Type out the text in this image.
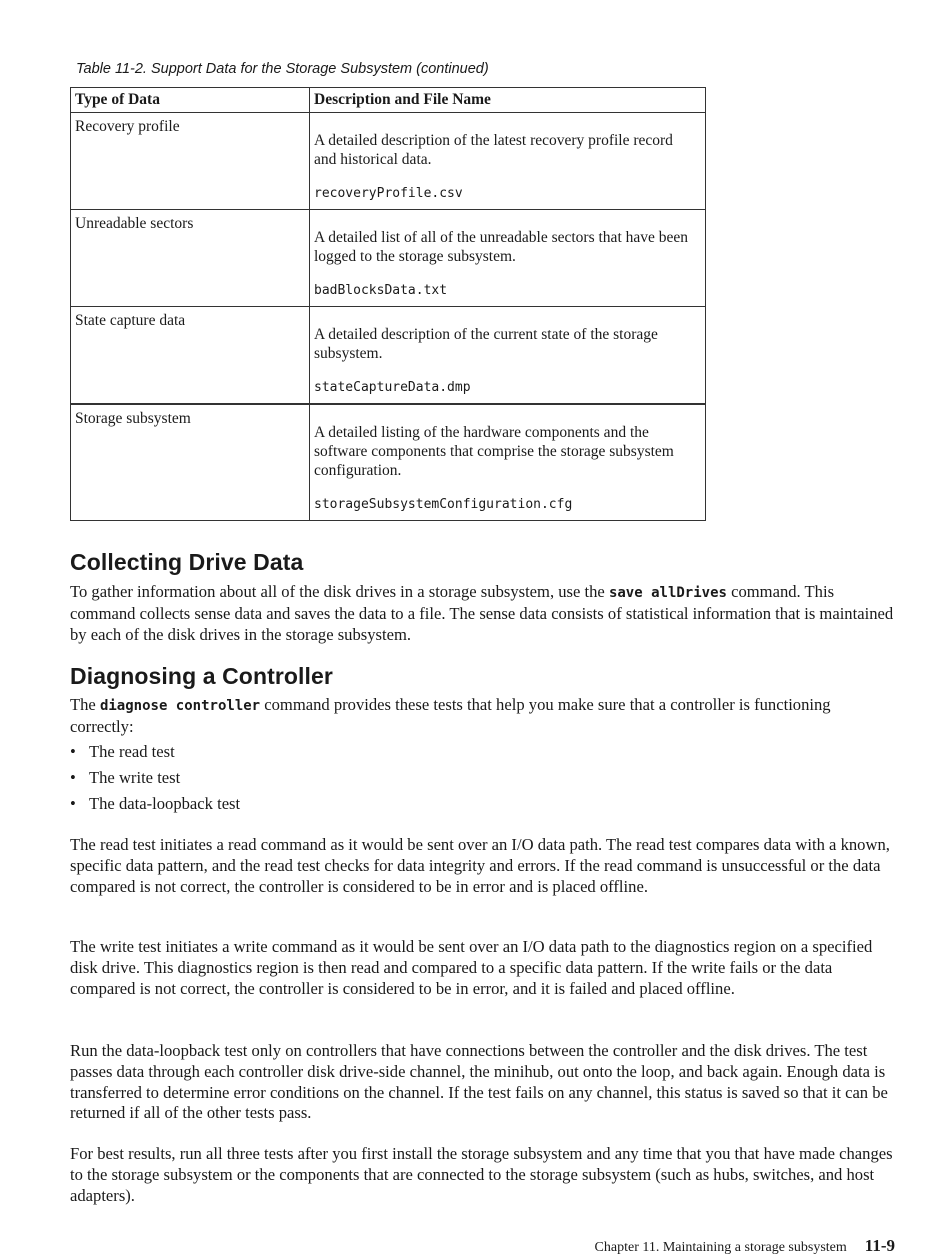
Table 11-2. Support Data for the Storage Subsystem (continued)
Type of Data	Description and File Name
Recovery profile	A detailed description of the latest recovery profile record and historical data.
recoveryProfile.csv

Unreadable sectors	A detailed list of all of the unreadable sectors that have been logged to the storage subsystem.
badBlocksData.txt

State capture data	A detailed description of the current state of the storage subsystem.
stateCaptureData.dmp

Storage subsystem	A detailed listing of the hardware components and the software components that comprise the storage subsystem configuration.
storageSubsystemConfiguration.cfg
Collecting Drive Data

To gather information about all of the disk drives in a storage subsystem, use the save allDrives command. This command collects sense data and saves the data to a file. The sense data consists of statistical information that is maintained by each of the disk drives in the storage subsystem.

Diagnosing a Controller

The diagnose controller command provides these tests that help you make sure that a controller is functioning correctly:

• The read test
• The write test
• The data-loopback test

The read test initiates a read command as it would be sent over an I/O data path. The read test compares data with a known, specific data pattern, and the read test checks for data integrity and errors. If the read command is unsuccessful or the data compared is not correct, the controller is considered to be in error and is placed offline.

The write test initiates a write command as it would be sent over an I/O data path to the diagnostics region on a specified disk drive. This diagnostics region is then read and compared to a specific data pattern. If the write fails or the data compared is not correct, the controller is considered to be in error, and it is failed and placed offline.

Run the data-loopback test only on controllers that have connections between the controller and the disk drives. The test passes data through each controller disk drive-side channel, the minihub, out onto the loop, and back again. Enough data is transferred to determine error conditions on the channel. If the test fails on any channel, this status is saved so that it can be returned if all of the other tests pass.

For best results, run all three tests after you first install the storage subsystem and any time that you that have made changes to the storage subsystem or the components that are connected to the storage subsystem (such as hubs, switches, and host adapters).

Chapter 11. Maintaining a storage subsystem 11-9
